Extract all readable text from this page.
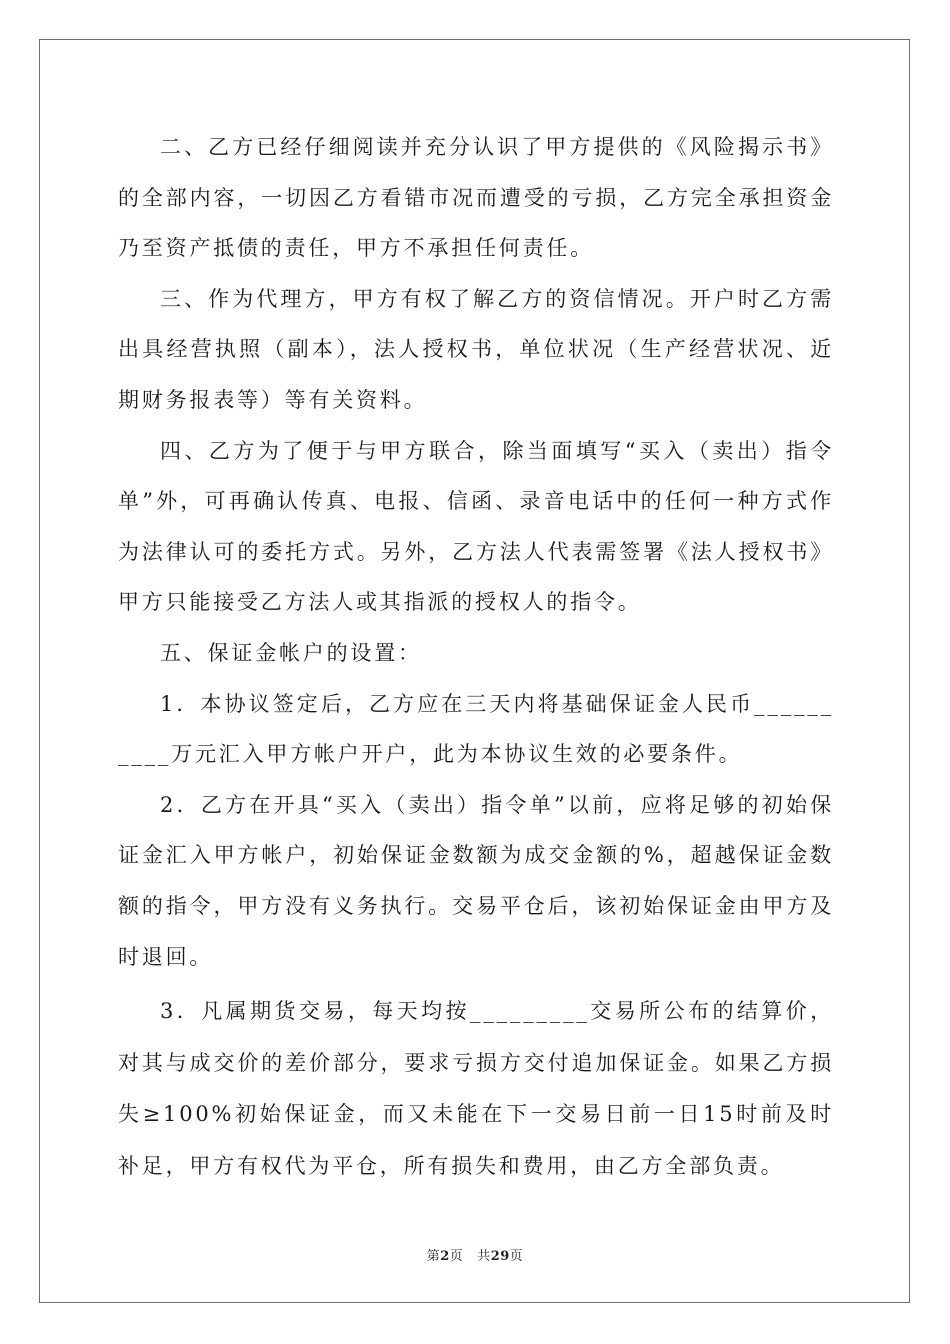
二、乙方已经仔细阅读并充分认识了甲方提供的《风险揭示书》的全部内容，一切因乙方看错市况而遭受的亏损，乙方完全承担资金乃至资产抵债的责任，甲方不承担任何责任。

三、作为代理方，甲方有权了解乙方的资信情况。开户时乙方需出具经营执照（副本），法人授权书，单位状况（生产经营状况、近期财务报表等）等有关资料。

四、乙方为了便于与甲方联合，除当面填写“买入（卖出）指令单”外，可再确认传真、电报、信函、录音电话中的任何一种方式作为法律认可的委托方式。另外，乙方法人代表需签署《法人授权书》甲方只能接受乙方法人或其指派的授权人的指令。

五、保证金帐户的设置：

1．本协议签定后，乙方应在三天内将基础保证金人民币__________万元汇入甲方帐户开户，此为本协议生效的必要条件。

2．乙方在开具“买入（卖出）指令单”以前，应将足够的初始保证金汇入甲方帐户，初始保证金数额为成交金额的%，超越保证金数额的指令，甲方没有义务执行。交易平仓后，该初始保证金由甲方及时退回。

3．凡属期货交易，每天均按_________交易所公布的结算价，对其与成交价的差价部分，要求亏损方交付追加保证金。如果乙方损失≥100%初始保证金，而又未能在下一交易日前一日15时前及时补足，甲方有权代为平仓，所有损失和费用，由乙方全部负责。

第2页 共29页
